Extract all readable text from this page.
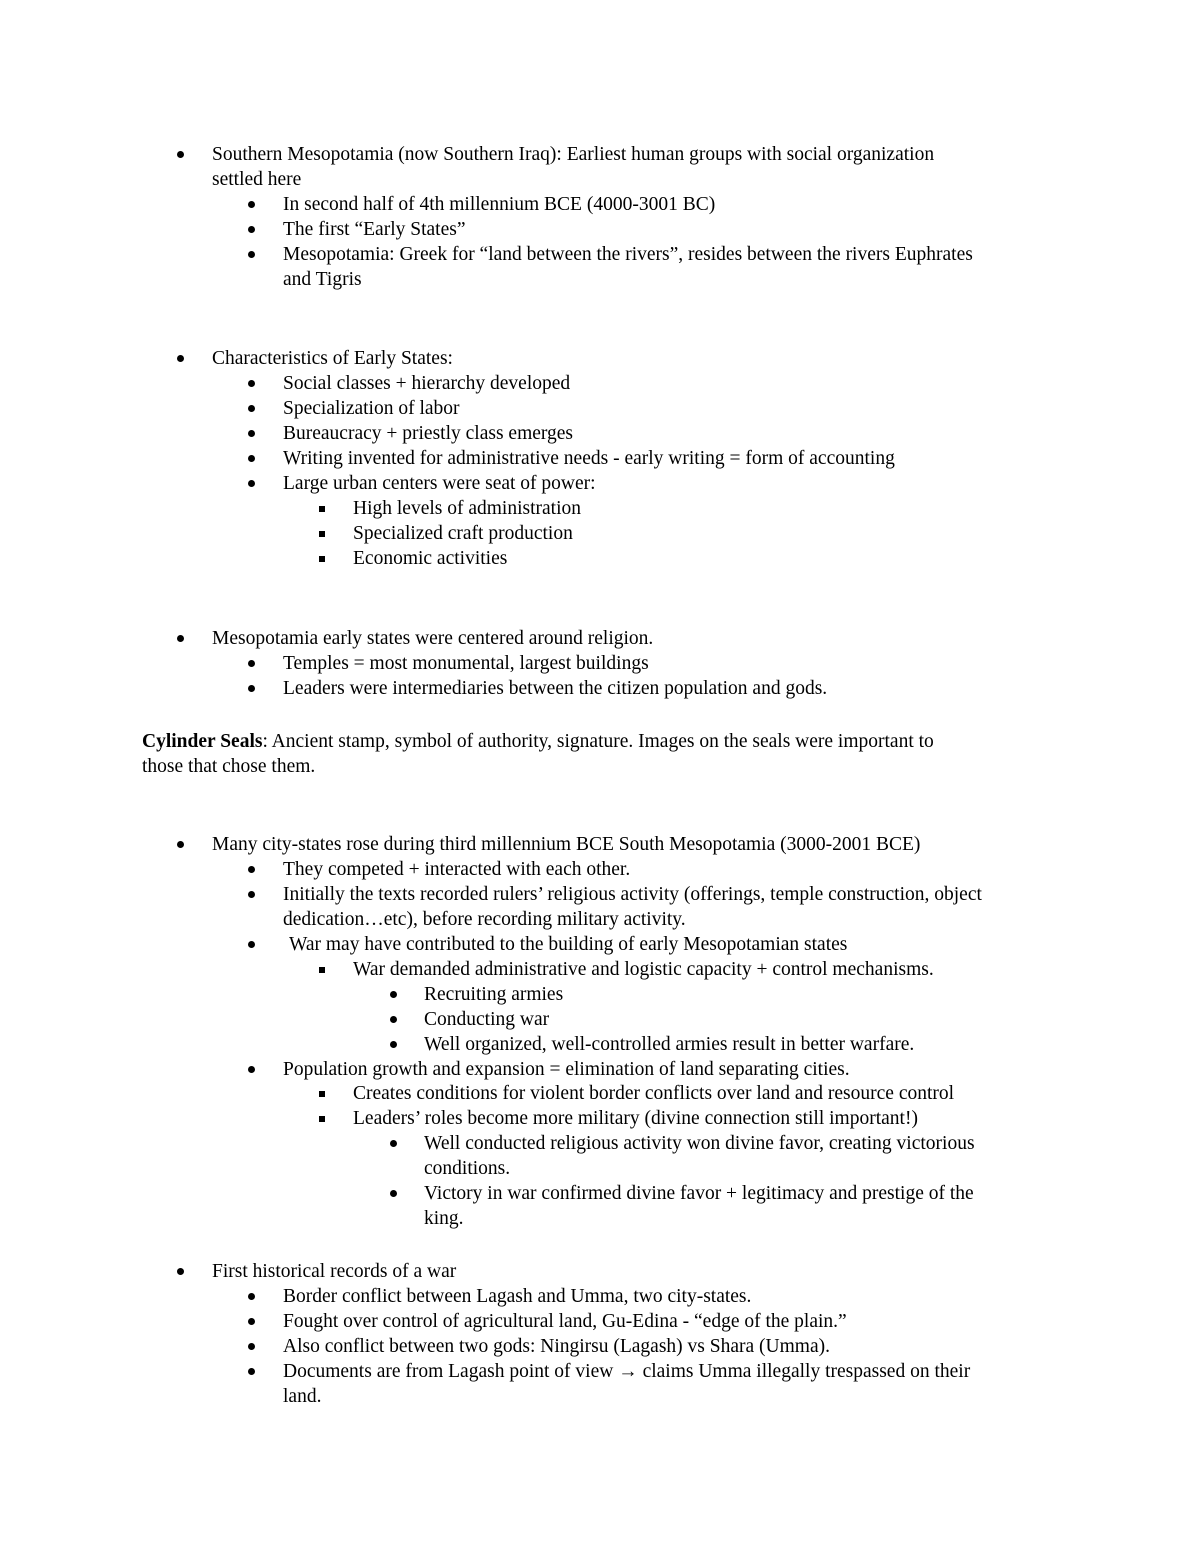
Southern Mesopotamia (now Southern Iraq): Earliest human groups with social organization
settled here
In second half of 4th millennium BCE (4000-3001 BC)
The first “Early States”
Mesopotamia: Greek for “land between the rivers”, resides between the rivers Euphrates
and Tigris
Characteristics of Early States:
Social classes + hierarchy developed
Specialization of labor
Bureaucracy + priestly class emerges
Writing invented for administrative needs - early writing = form of accounting
Large urban centers were seat of power:
High levels of administration
Specialized craft production
Economic activities
Mesopotamia early states were centered around religion.
Temples = most monumental, largest buildings
Leaders were intermediaries between the citizen population and gods.
Cylinder Seals: Ancient stamp, symbol of authority, signature. Images on the seals were important to
those that chose them.
Many city-states rose during third millennium BCE South Mesopotamia (3000-2001 BCE)
They competed + interacted with each other.
Initially the texts recorded rulers’ religious activity (offerings, temple construction, object
dedication…etc), before recording military activity.
War may have contributed to the building of early Mesopotamian states
War demanded administrative and logistic capacity + control mechanisms.
Recruiting armies
Conducting war
Well organized, well-controlled armies result in better warfare.
Population growth and expansion = elimination of land separating cities.
Creates conditions for violent border conflicts over land and resource control
Leaders’ roles become more military (divine connection still important!)
Well conducted religious activity won divine favor, creating victorious
conditions.
Victory in war confirmed divine favor + legitimacy and prestige of the
king.
First historical records of a war
Border conflict between Lagash and Umma, two city-states.
Fought over control of agricultural land, Gu-Edina - “edge of the plain.”
Also conflict between two gods: Ningirsu (Lagash) vs Shara (Umma).
Documents are from Lagash point of view → claims Umma illegally trespassed on their
land.
